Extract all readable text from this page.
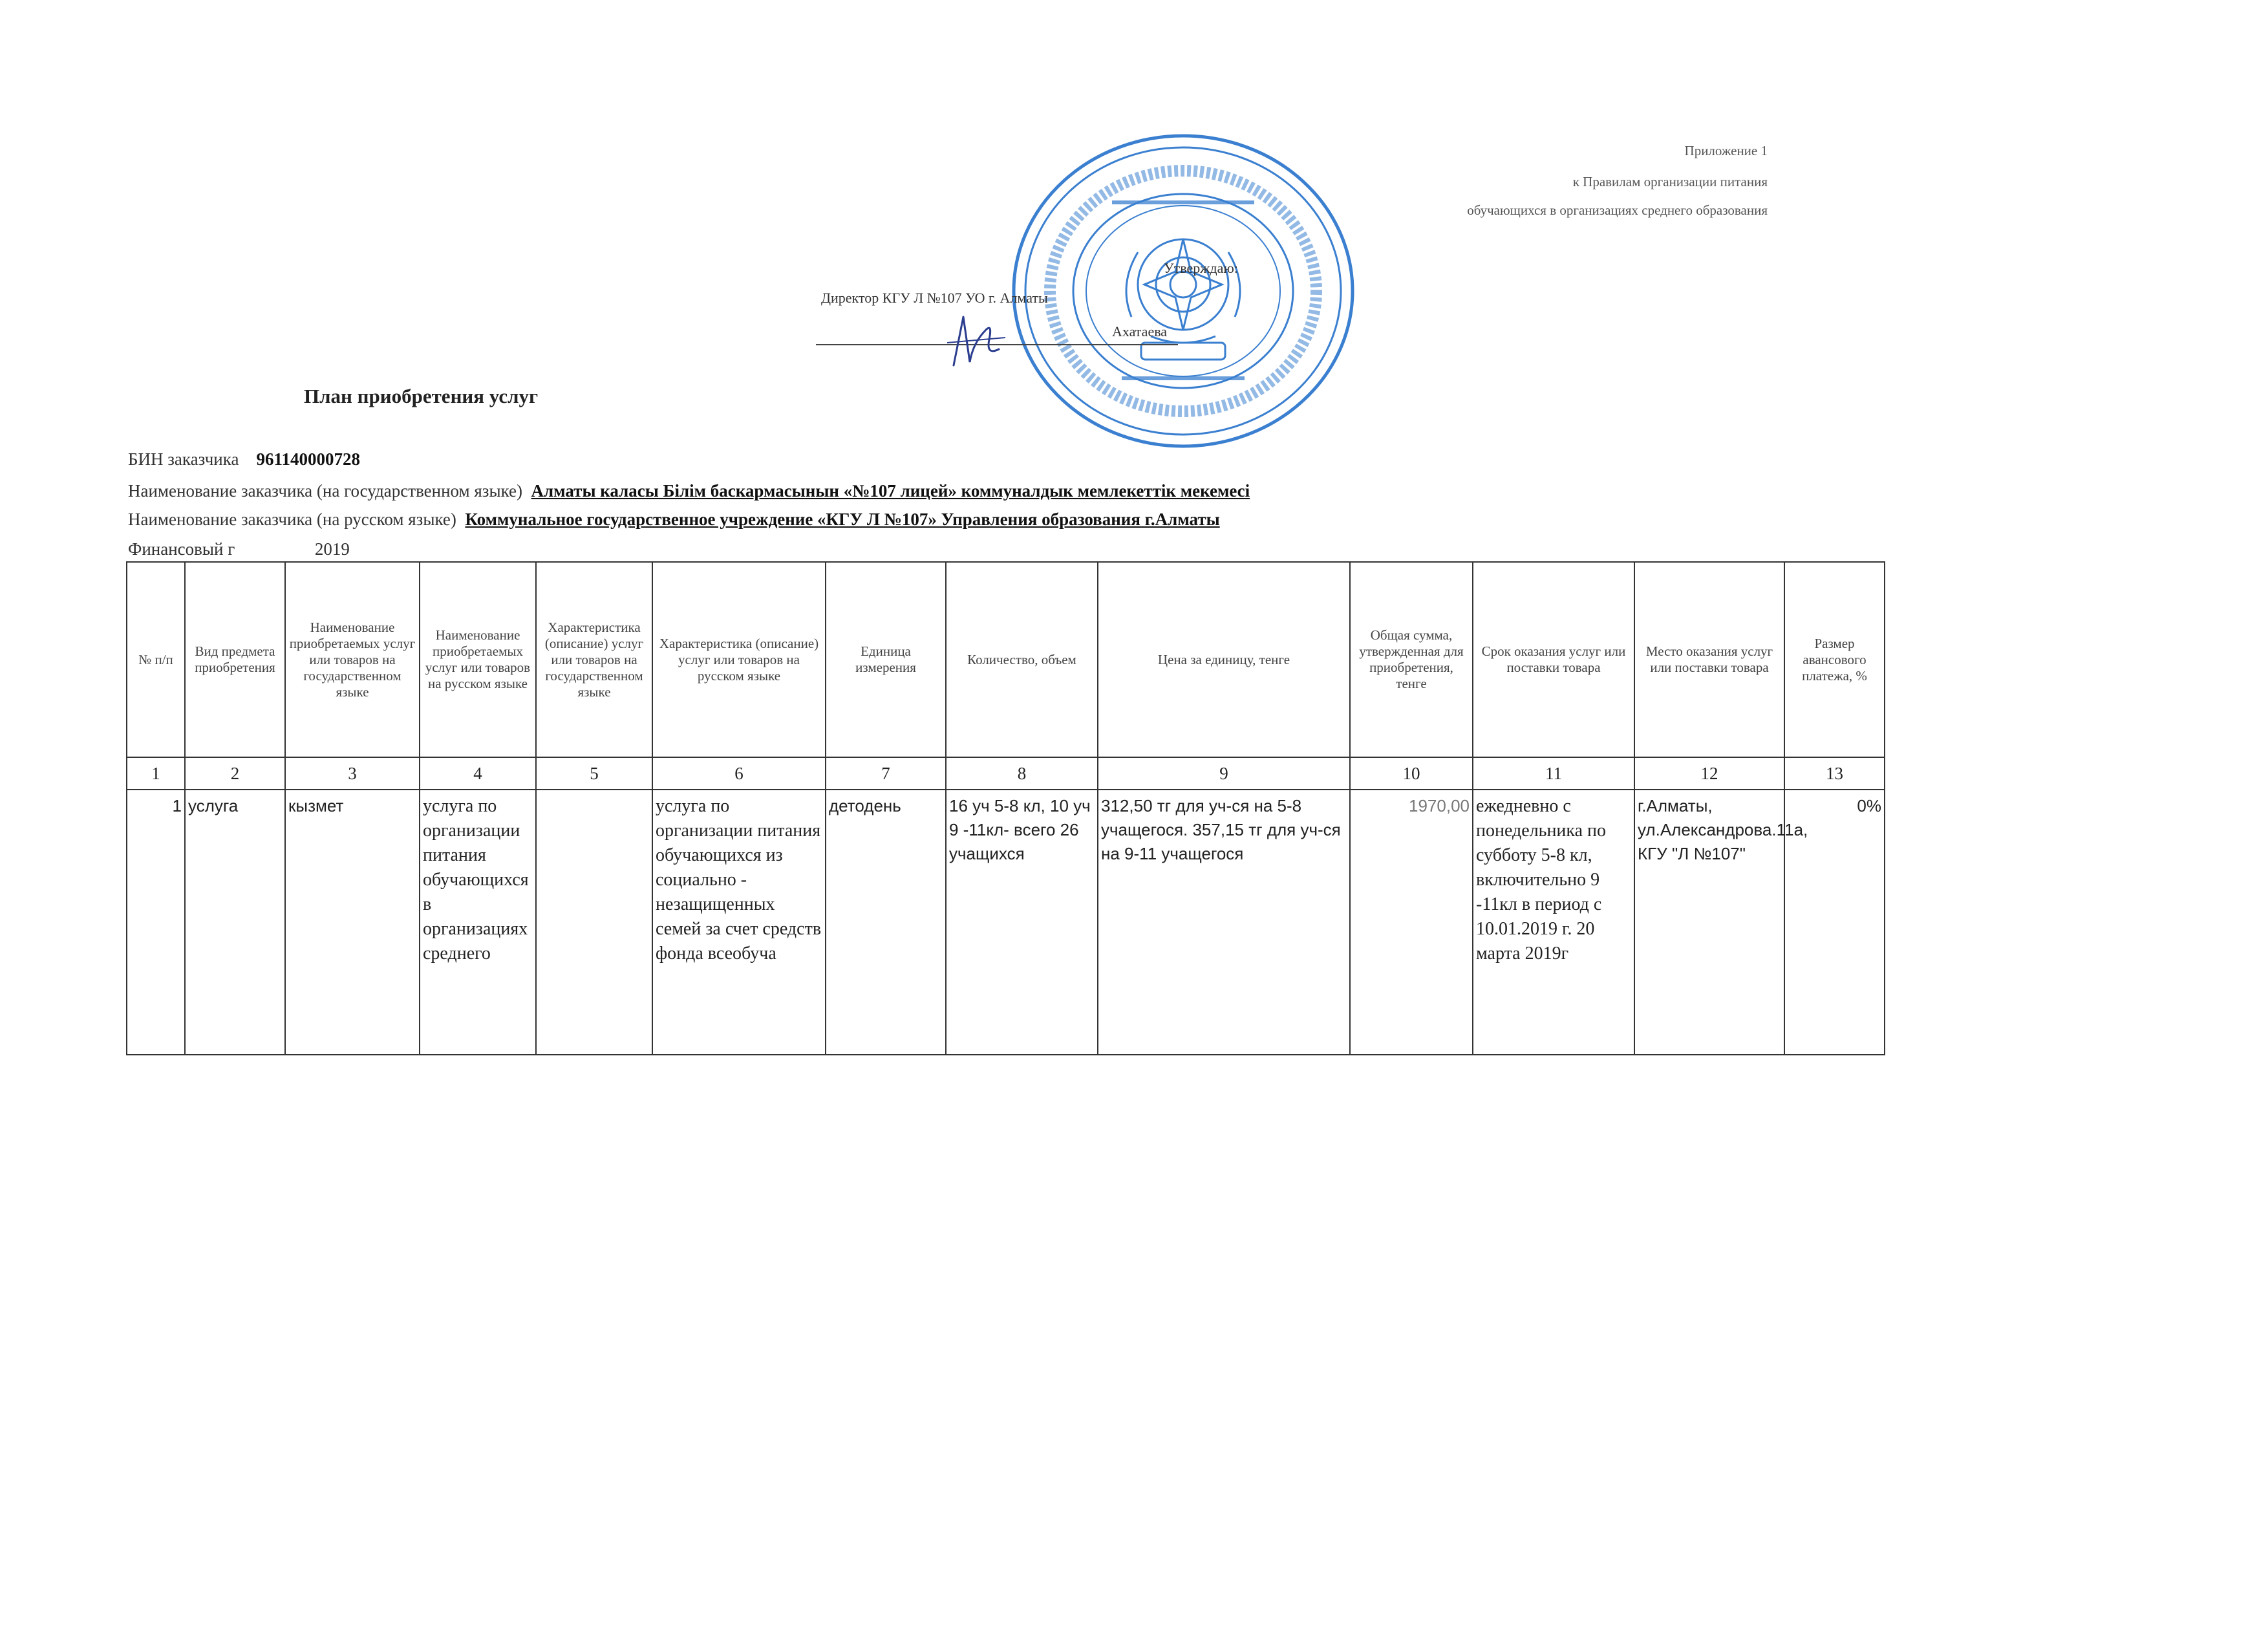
Приложение 1
к Правилам организации питания
обучающихся в организациях среднего образования
Утверждаю:
Директор КГУ Л №107 УО г. Алматы
Ахатаева
План приобретения услуг
БИН заказчика 961140000728
Наименование заказчика (на государственном языке) Алматы каласы Білім баскармасынын «№107 лицей» коммуналдык мемлекеттік мекемесі
Наименование заказчика (на русском языке) Коммунальное государственное учреждение «КГУ Л №107» Управления образования г.Алматы
Финансовый г	2019
№ п/п	Вид предмета приобретения	Наименование приобретаемых услуг или товаров на государственном языке	Наименование приобретаемых услуг или товаров на русском языке	Характеристика (описание) услуг или товаров на государственном языке	Характеристика (описание) услуг или товаров на русском языке	Единица измерения	Количество, объем	Цена за единицу, тенге	Общая сумма, утвержденная для приобретения, тенге	Срок оказания услуг или поставки товара	Место оказания услуг или поставки товара	Размер авансового платежа, %
1	2	3	4	5	6	7	8	9	10	11	12	13
1	услуга	кызмет	услуга по организации питания обучающихся в организациях среднего		услуга по организации питания обучающихся из социально - незащищенных семей за счет средств фонда всеобуча	детодень	16 уч 5-8 кл, 10 уч 9 -11кл- всего 26 учащихся	312,50 тг для уч-ся на 5-8 учащегося. 357,15 тг для уч-ся на 9-11 учащегося	1970,00	ежедневно с понедельника по субботу 5-8 кл, включительно 9 -11кл в период с 10.01.2019 г. 20 марта 2019г	г.Алматы, ул.Александрова.11а, КГУ "Л №107"	0%
